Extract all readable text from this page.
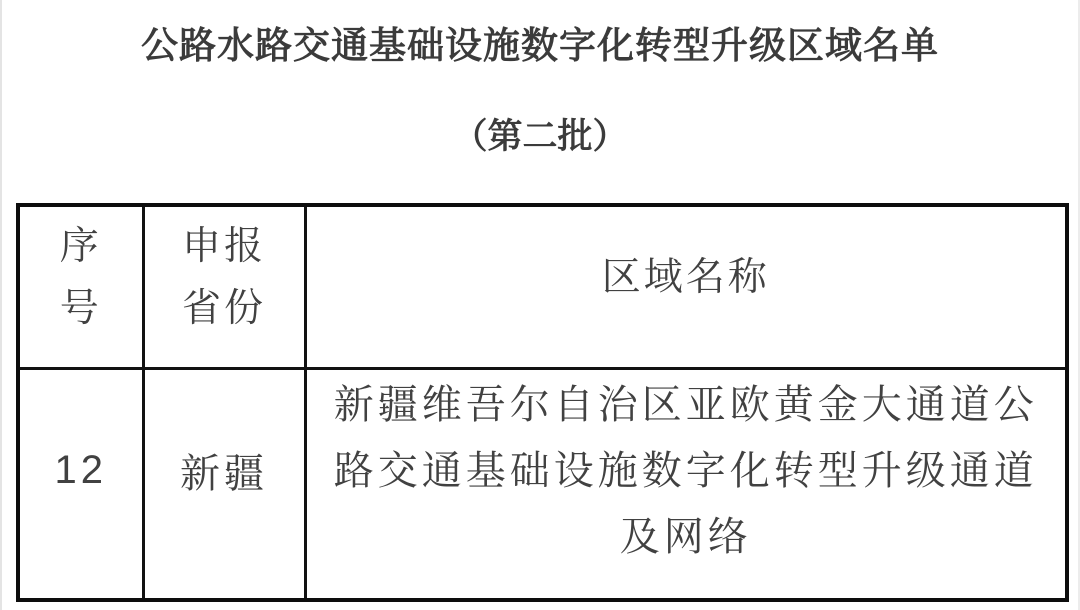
公路水路交通基础设施数字化转型升级区域名单
（第二批）
序号	申报省份	区域名称
12	新疆	新疆维吾尔自治区亚欧黄金大通道公路交通基础设施数字化转型升级通道及网络
